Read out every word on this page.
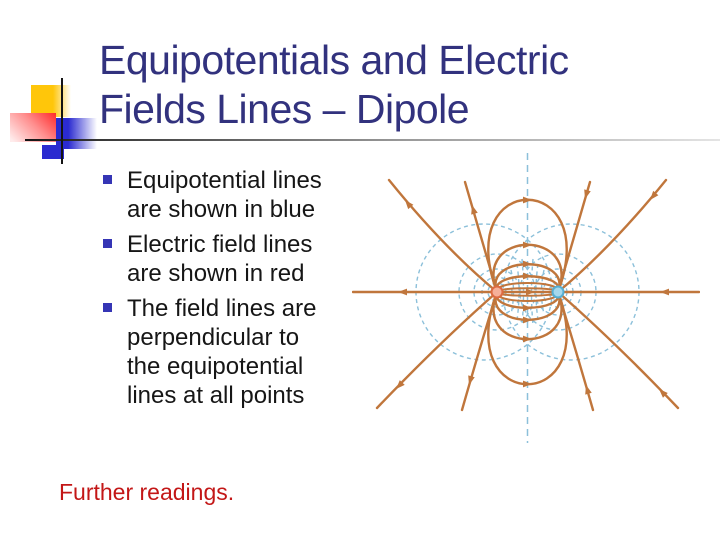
Equipotentials and Electric
Fields Lines – Dipole
Equipotential lines
are shown in blue
Electric field lines
are shown in red
The field lines are
perpendicular to
the equipotential
lines at all points
Further readings.
